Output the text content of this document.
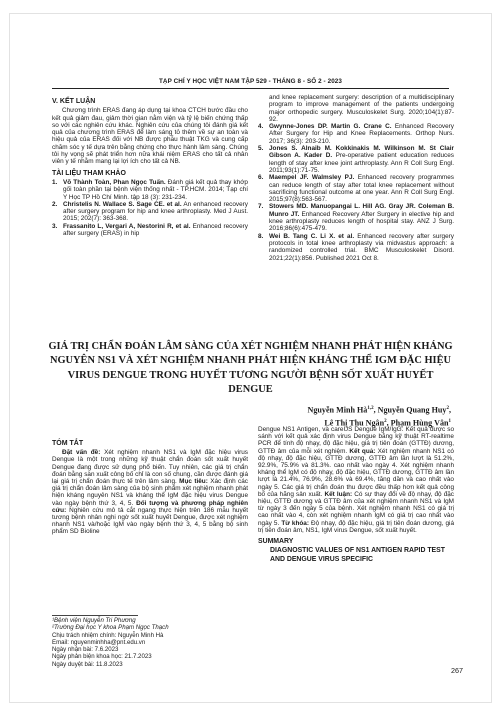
TẠP CHÍ Y HỌC VIỆT NAM TẬP 529 - THÁNG 8 - SỐ 2 - 2023
V. KẾT LUẬN

Chương trình ERAS đang áp dụng tại khoa CTCH bước đầu cho kết quả giảm đau, giảm thời gian nằm viện và tỷ lệ biến chứng thấp so với các nghiên cứu khác. Nghiên cứu của chúng tôi đánh giá kết quả của chương trình ERAS để làm sáng tỏ thêm về sự an toàn và hiệu quả của ERAS đối với NB được phẫu thuật TKG và cung cấp chăm sóc y tế dựa trên bằng chứng cho thực hành lâm sàng. Chúng tôi hy vọng sẽ phát triển hơn nữa khái niệm ERAS cho tất cả nhân viên y tế nhằm mang lại lợi ích cho tất cả NB.

TÀI LIỆU THAM KHẢO
1. Võ Thành Toàn, Phan Ngọc Tuấn. Đánh giá kết quả thay khớp gối toàn phần tại bệnh viện thống nhất - TP.HCM. 2014; Tạp chí Y Học TP Hồ Chí Minh. tập 18 (3): 231-234.
2. Christelis N. Wallace S. Sage CE. et al. An enhanced recovery after surgery program for hip and knee arthroplasty. Med J Aust. 2015; 202(7): 363-368.
3. Frassanito L, Vergari A, Nestorini R, et al. Enhanced recovery after surgery (ERAS) in hip
and knee replacement surgery: description of a multidisciplinary program to improve management of the patients undergoing major orthopedic surgery. Musculoskelet Surg. 2020;104(1):87-92.
4. Gwynne-Jones DP. Martin G. Crane C. Enhanced Recovery After Surgery for Hip and Knee Replacements. Orthop Nurs. 2017; 36(3): 203-210.
5. Jones S. Alnaib M. Kokkinakis M. Wilkinson M. St Clair Gibson A. Kader D. Pre-operative patient education reduces length of stay after knee joint arthroplasty. Ann R Coll Surg Engl. 2011;93(1):71-75.
6. Maempel JF. Walmsley PJ. Enhanced recovery programmes can reduce length of stay after total knee replacement without sacrificing functional outcome at one year. Ann R Coll Surg Engl. 2015;97(8):563-567.
7. Stowers MD. Manuopangai L. Hill AG. Gray JR. Coleman B. Munro JT. Enhanced Recovery After Surgery in elective hip and knee arthroplasty reduces length of hospital stay. ANZ J Surg. 2016;86(6):475-479.
8. Wei B. Tang C. Li X. et al. Enhanced recovery after surgery protocols in total knee arthroplasty via midvastus approach: a randomized controlled trial. BMC Musculoskelet Disord. 2021;22(1):856. Published 2021 Oct 8.
GIÁ TRỊ CHẨN ĐOÁN LÂM SÀNG CỦA XÉT NGHIỆM NHANH PHÁT HIỆN KHÁNG NGUYÊN NS1 VÀ XÉT NGHIỆM NHANH PHÁT HIỆN KHÁNG THỂ IGM ĐẶC HIỆU VIRUS DENGUE TRONG HUYẾT TƯƠNG NGƯỜI BỆNH SỐT XUẤT HUYẾT DENGUE
Nguyễn Minh Hà$^{1,2}$, Nguyễn Quang Huy$^2$,
Lê Thị Thu Ngân$^2$, Phạm Hùng Vân$^1$
TÓM TẮT

Đặt vấn đề: Xét nghiệm nhanh NS1 và IgM đặc hiệu virus Dengue là một trong những kỹ thuật chẩn đoán sốt xuất huyết Dengue đang được sử dụng phổ biến. Tuy nhiên, các giá trị chẩn đoán bằng sàn xuất công bố chỉ là con số chung, cần được đánh giá lại giá trị chẩn đoán thực tế trên lâm sàng. Mục tiêu: Xác định các giá trị chẩn đoán lâm sàng của bộ sinh phẩm xét nghiệm nhanh phát hiện kháng nguyên NS1 và kháng thể IgM đặc hiệu virus Dengue vào ngày bệnh thứ 3, 4, 5. Đối tượng và phương pháp nghiên cứu: Nghiên cứu mô tả cắt ngang thực hiện trên 186 mẫu huyết tương bệnh nhân nghi ngờ sốt xuất huyết Dengue, được xét nghiệm nhanh NS1 và/hoặc IgM vào ngày bệnh thứ 3, 4, 5 bằng bộ sinh phẩm SD Bioline

Dengue NS1 Antigen, và careUS Dengue IgM/IgG. Kết quả được so sánh với kết quả xác định virus Dengue bằng kỹ thuật RT-realtime PCR để tính độ nhạy, độ đặc hiệu, giá trị tiên đoán (GTTĐ) dương, GTTĐ âm của mỗi xét nghiệm. Kết quả: Xét nghiệm nhanh NS1 có độ nhạy, độ đặc hiệu, GTTĐ dương, GTTĐ âm lần lượt là 51.2%, 92.9%, 75.9% và 81.3%. cao nhất vào ngày 4. Xét nghiệm nhanh kháng thể IgM có độ nhạy, độ đặc hiệu, GTTĐ dương, GTTĐ âm lần lượt là 21.4%, 76.9%, 28.6% và 69.4%, tăng dần và cao nhất vào ngày 5. Các giá trị chẩn đoán thu được đều thấp hơn kết quả công bố của hãng sản xuất. Kết luận: Có sự thay đổi về độ nhạy, độ đặc hiệu, GTTĐ dương và GTTĐ âm của xét nghiệm nhanh NS1 và IgM từ ngày 3 đến ngày 5 của bệnh. Xét nghiệm nhanh NS1 có giá trị cao nhất vào 4, còn xét nghiệm nhanh IgM có giá trị cao nhất vào ngày 5. Từ khóa: Độ nhạy, độ đặc hiệu, giá trị tiên đoán dương, giá trị tiên đoán âm, NS1, IgM virus Dengue, sốt xuất huyết.

SUMMARY
DIAGNOSTIC VALUES OF NS1 ANTIGEN RAPID TEST AND DENGUE VIRUS SPECIFIC
¹Bệnh viện Nguyễn Tri Phương
²Trường Đại học Y khoa Phạm Ngọc Thạch
Chịu trách nhiệm chính: Nguyễn Minh Hà
Email: nguyenminhha@pnt.edu.vn
Ngày nhận bài: 7.6.2023
Ngày phản biện khoa học: 21.7.2023
Ngày duyệt bài: 11.8.2023
267
